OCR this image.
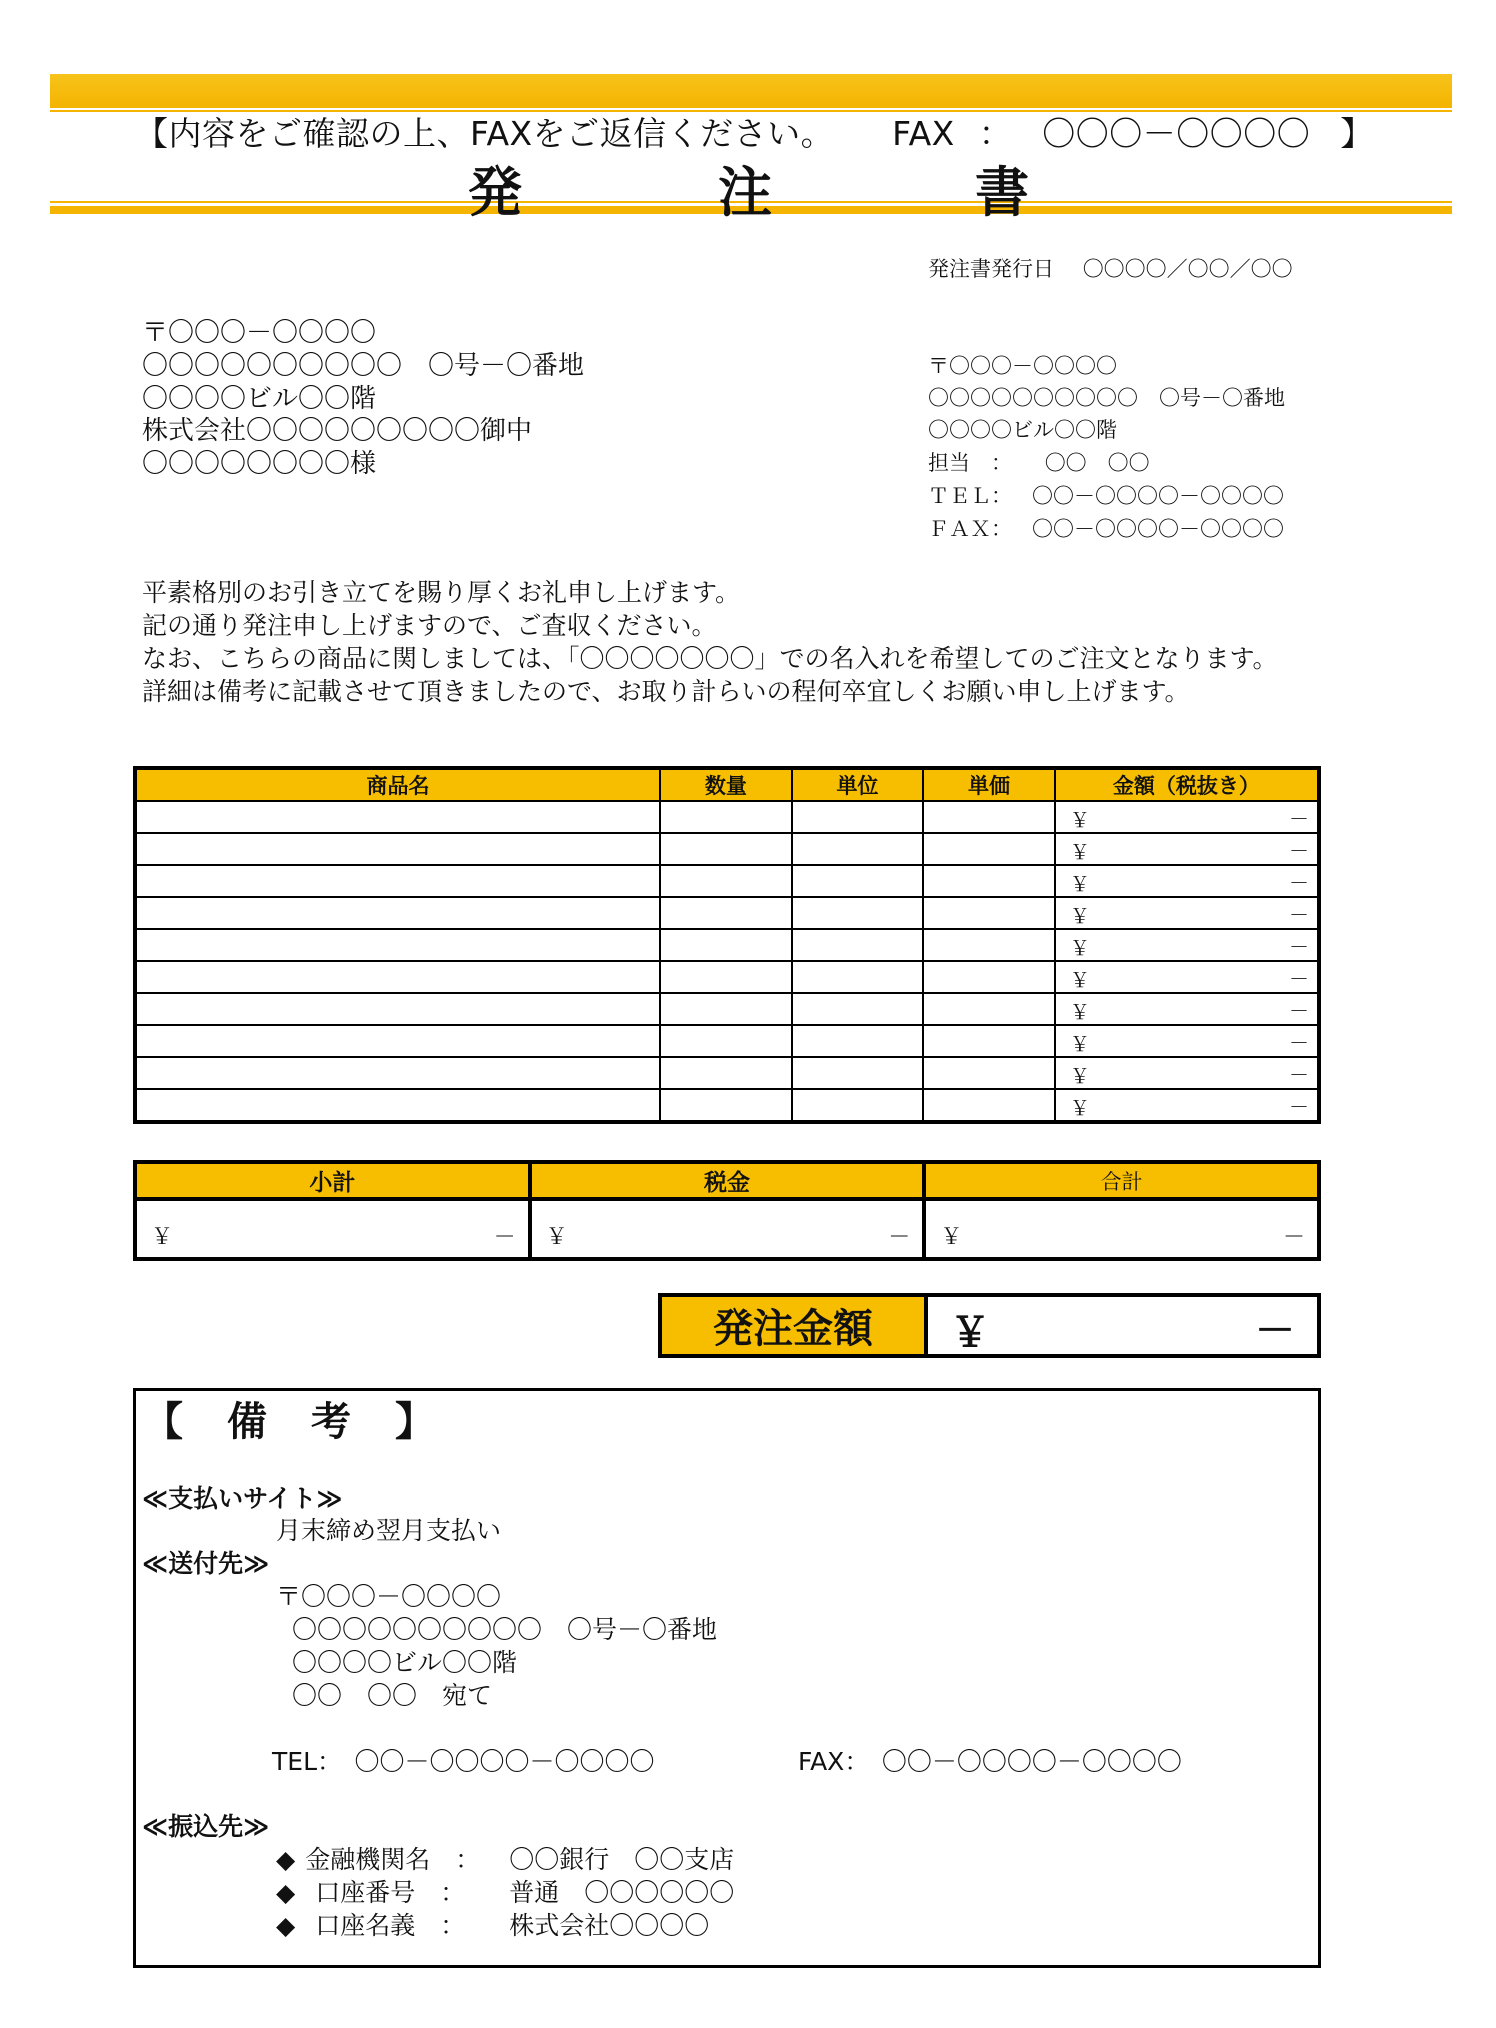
【内容をご確認の上、FAXをご返信ください。 FAX ： 〇〇〇－〇〇〇〇 】
発	注	書
発注書発行日 〇〇〇〇／〇〇／〇〇
〒〇〇〇－〇〇〇〇
〇〇〇〇〇〇〇〇〇〇　〇号－〇番地
〇〇〇〇ビル〇〇階
株式会社〇〇〇〇〇〇〇〇〇御中
〇〇〇〇〇〇〇〇様
〒〇〇〇－〇〇〇〇
〇〇〇〇〇〇〇〇〇〇　〇号－〇番地
〇〇〇〇ビル〇〇階
担当　： 〇〇　〇〇
ＴＥＬ： 〇〇－〇〇〇〇－〇〇〇〇
ＦＡＸ： 〇〇－〇〇〇〇－〇〇〇〇
平素格別のお引き立てを賜り厚くお礼申し上げます。
記の通り発注申し上げますので、ご査収ください。
なお、こちらの商品に関しましては、「〇〇〇〇〇〇〇」での名入れを希望してのご注文となります。
詳細は備考に記載させて頂きましたので、お取り計らいの程何卒宜しくお願い申し上げます。
商品名	数量	単位	単価	金額（税抜き）

				￥ －

				￥ －

				￥ －

				￥ －

				￥ －

				￥ －

				￥ －

				￥ －

				￥ －

				￥ －
小計	税金	合計

￥ －	￥ －	￥ －
発注金額	￥	－
【　備　考　】
≪支払いサイト≫
月末締め翌月支払い
≪送付先≫
〒〇〇〇－〇〇〇〇
〇〇〇〇〇〇〇〇〇〇　〇号－〇番地
〇〇〇〇ビル〇〇階
〇〇　〇〇　宛て
TEL：　〇〇－〇〇〇〇－〇〇〇〇	FAX：　〇〇－〇〇〇〇－〇〇〇〇
≪振込先≫
◆ 金融機関名　： 〇〇銀行　〇〇支店
◆ 口座番号　： 普通　〇〇〇〇〇〇
◆ 口座名義　： 株式会社〇〇〇〇
